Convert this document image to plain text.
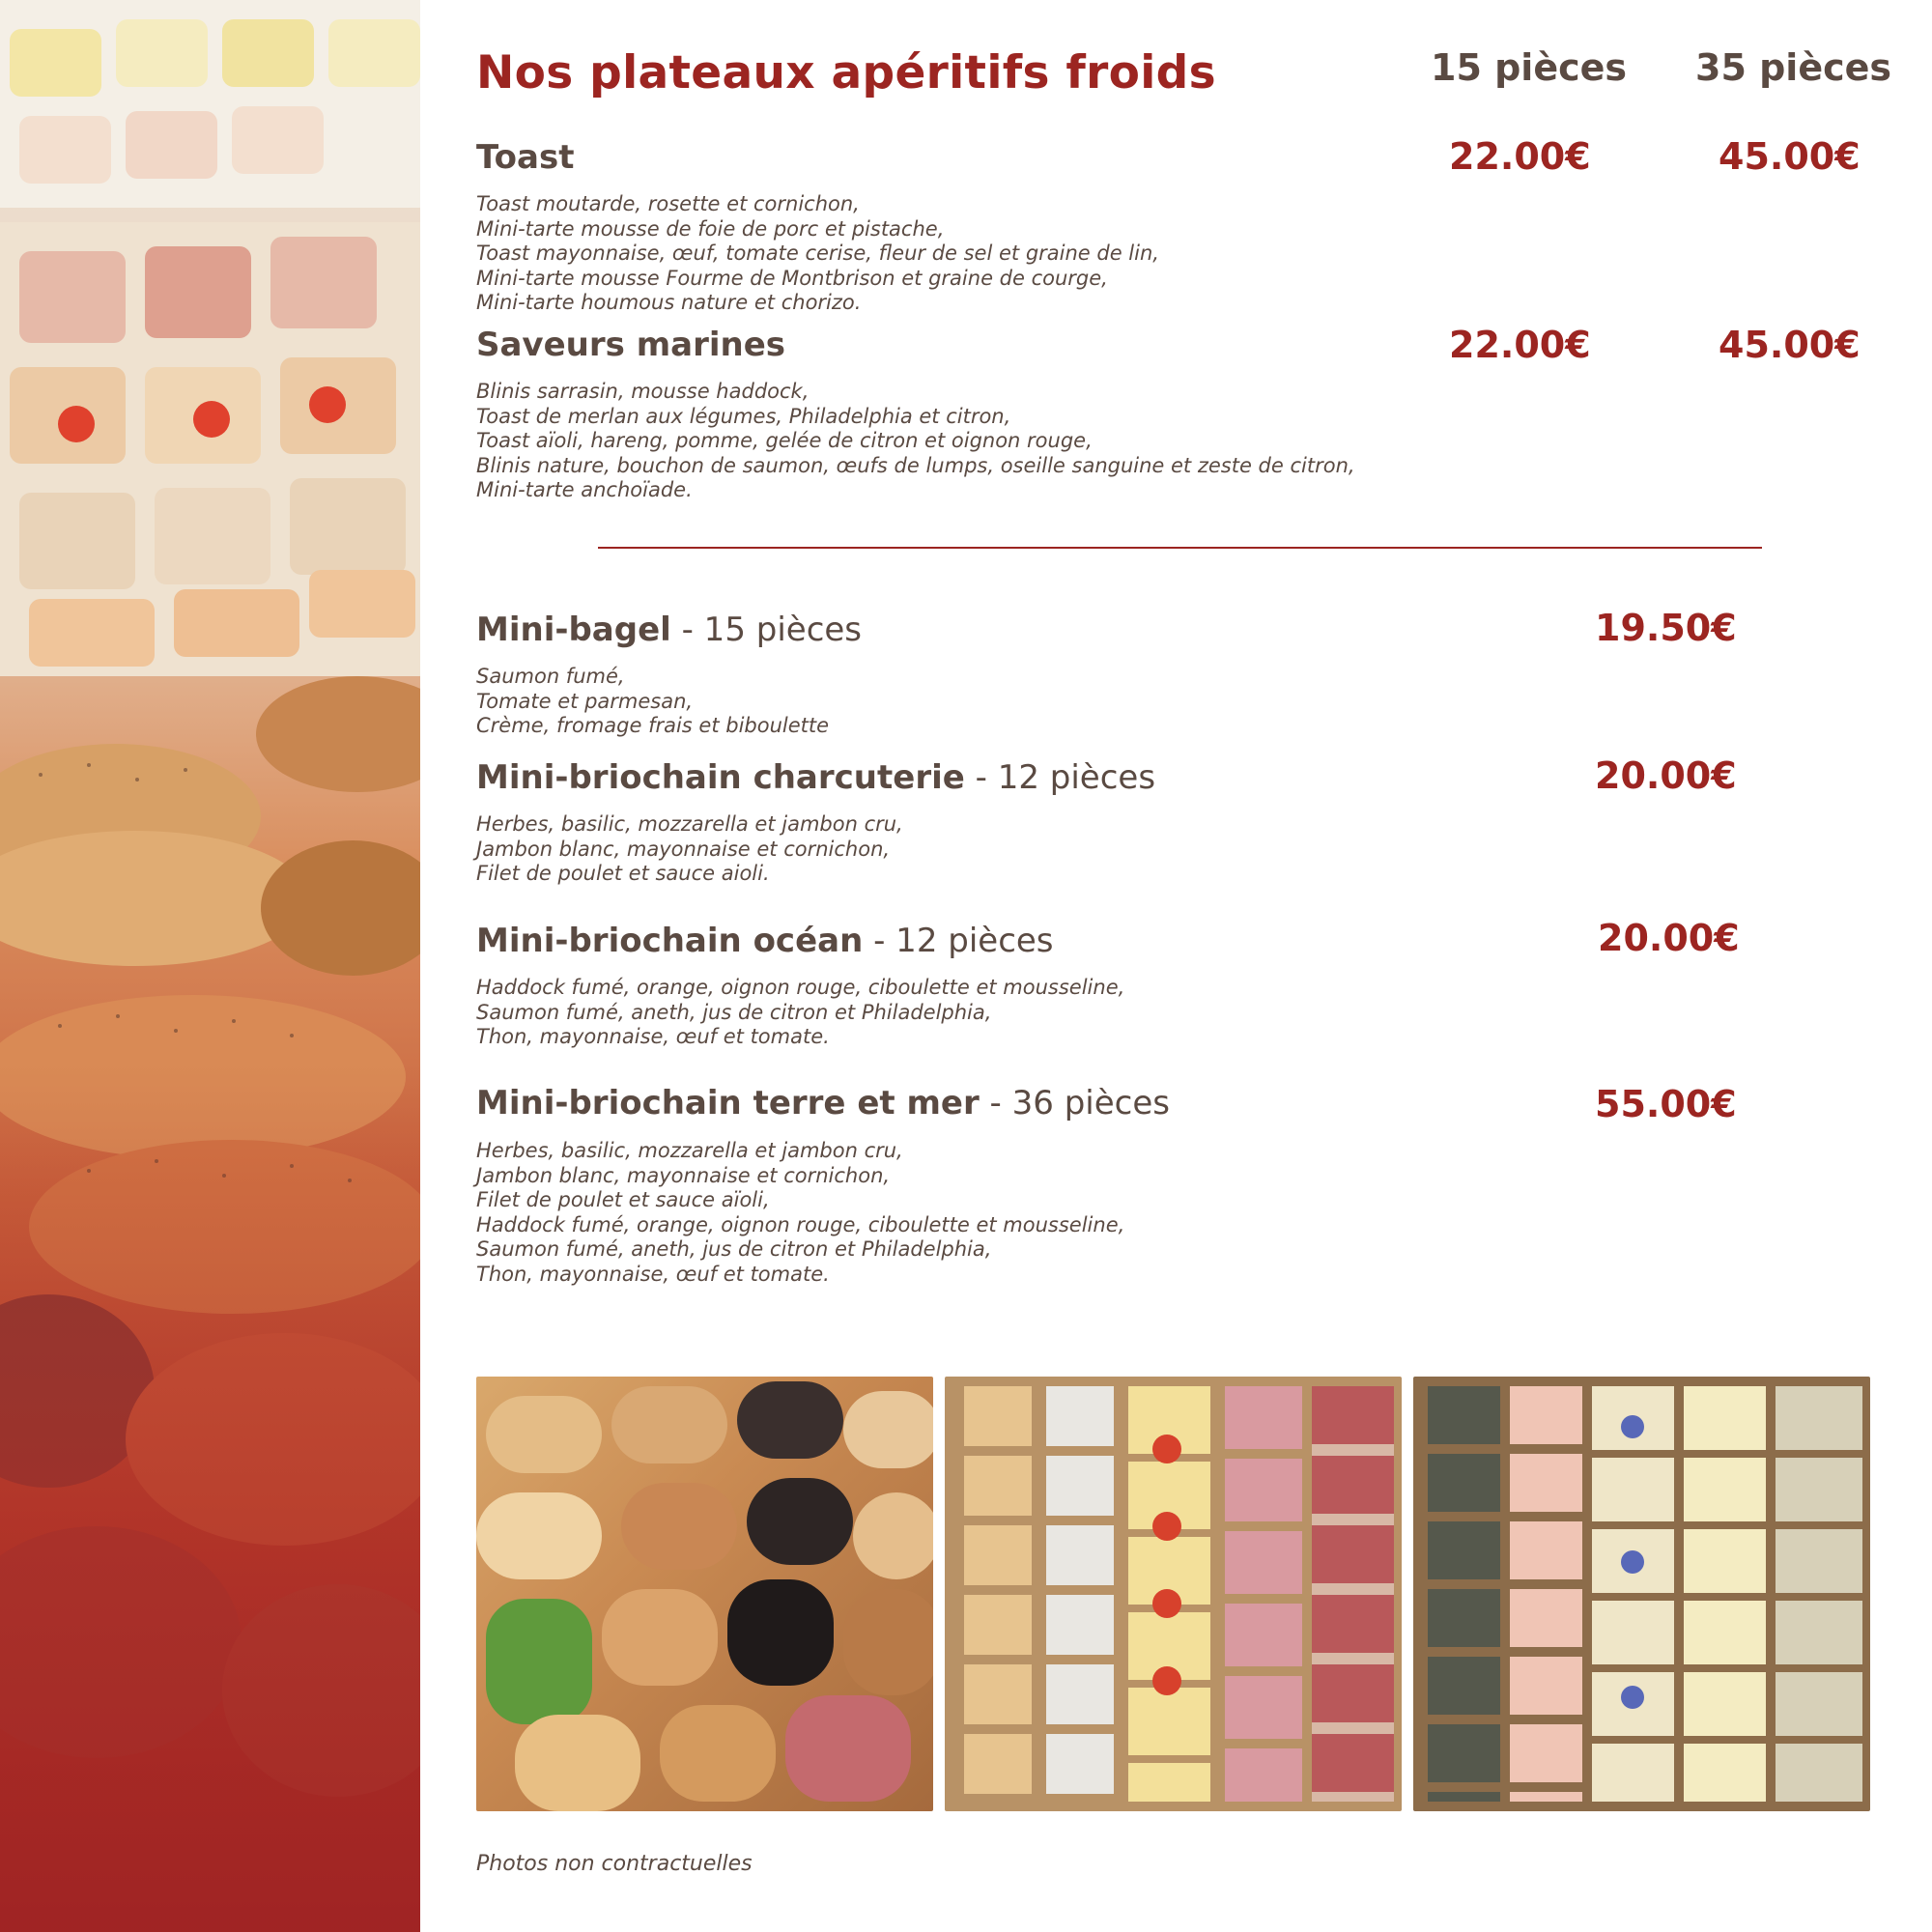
Nos plateaux apéritifs froids	15 pièces 35 pièces
Toast	22.00€	45.00€
Toast moutarde, rosette et cornichon,
Mini-tarte mousse de foie de porc et pistache,
Toast mayonnaise, œuf, tomate cerise, fleur de sel et graine de lin,
Mini-tarte mousse Fourme de Montbrison et graine de courge,
Mini-tarte houmous nature et chorizo.
Saveurs marines	22.00€	45.00€
Blinis sarrasin, mousse haddock,
Toast de merlan aux légumes, Philadelphia et citron,
Toast aïoli, hareng, pomme, gelée de citron et oignon rouge,
Blinis nature, bouchon de saumon, œufs de lumps, oseille sanguine et zeste de citron,
Mini-tarte anchoïade.
Mini-bagel - 15 pièces	19.50€
Saumon fumé,
Tomate et parmesan,
Crème, fromage frais et biboulette
Mini-briochain charcuterie - 12 pièces	20.00€
Herbes, basilic, mozzarella et jambon cru,
Jambon blanc, mayonnaise et cornichon,
Filet de poulet et sauce aioli.
Mini-briochain océan - 12 pièces	20.00€
Haddock fumé, orange, oignon rouge, ciboulette et mousseline,
Saumon fumé, aneth, jus de citron et Philadelphia,
Thon, mayonnaise, œuf et tomate.
Mini-briochain terre et mer - 36 pièces	55.00€
Herbes, basilic, mozzarella et jambon cru,
Jambon blanc, mayonnaise et cornichon,
Filet de poulet et sauce aïoli,
Haddock fumé, orange, oignon rouge, ciboulette et mousseline,
Saumon fumé, aneth, jus de citron et Philadelphia,
Thon, mayonnaise, œuf et tomate.
Photos non contractuelles
